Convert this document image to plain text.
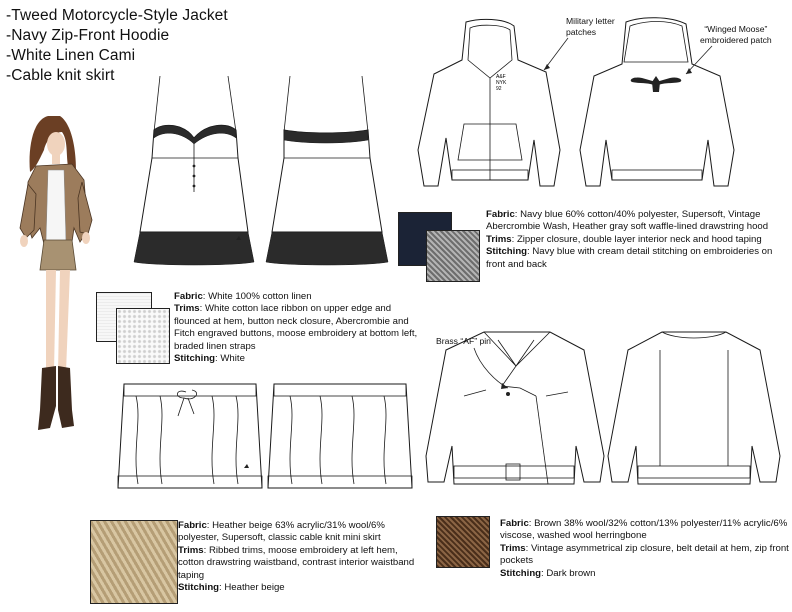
-Tweed Motorcycle-Style Jacket
-Navy Zip-Front Hoodie
-White Linen Cami
-Cable knit skirt	A&F
NYK
92
Military letter
patches	“Winged Moose”
embroidered patch
Fabric: Navy blue 60% cotton/40% polyester, Supersoft, Vintage Abercrombie Wash, Heather gray soft waffle-lined drawstring hood
Trims: Zipper closure, double layer interior neck and hood taping
Stitching: Navy blue with cream detail stitching on embroideries on front and back
Fabric: White 100% cotton linen
Trims: White cotton lace ribbon on upper edge and flounced at hem, button neck closure, Abercrombie and Fitch engraved buttons, moose embroidery at bottom left, braded linen straps
Stitching: White
Brass “AF” pin
Fabric: Heather beige 63% acrylic/31% wool/6% polyester, Supersoft, classic cable knit mini skirt
Trims: Ribbed trims, moose embroidery at left hem, cotton drawstring waistband, contrast interior waistband taping
Stitching: Heather beige
Fabric: Brown 38% wool/32% cotton/13% polyester/11% acrylic/6% viscose, washed wool herringbone
Trims: Vintage asymmetrical zip closure, belt detail at hem, zip front pockets
Stitching: Dark brown
